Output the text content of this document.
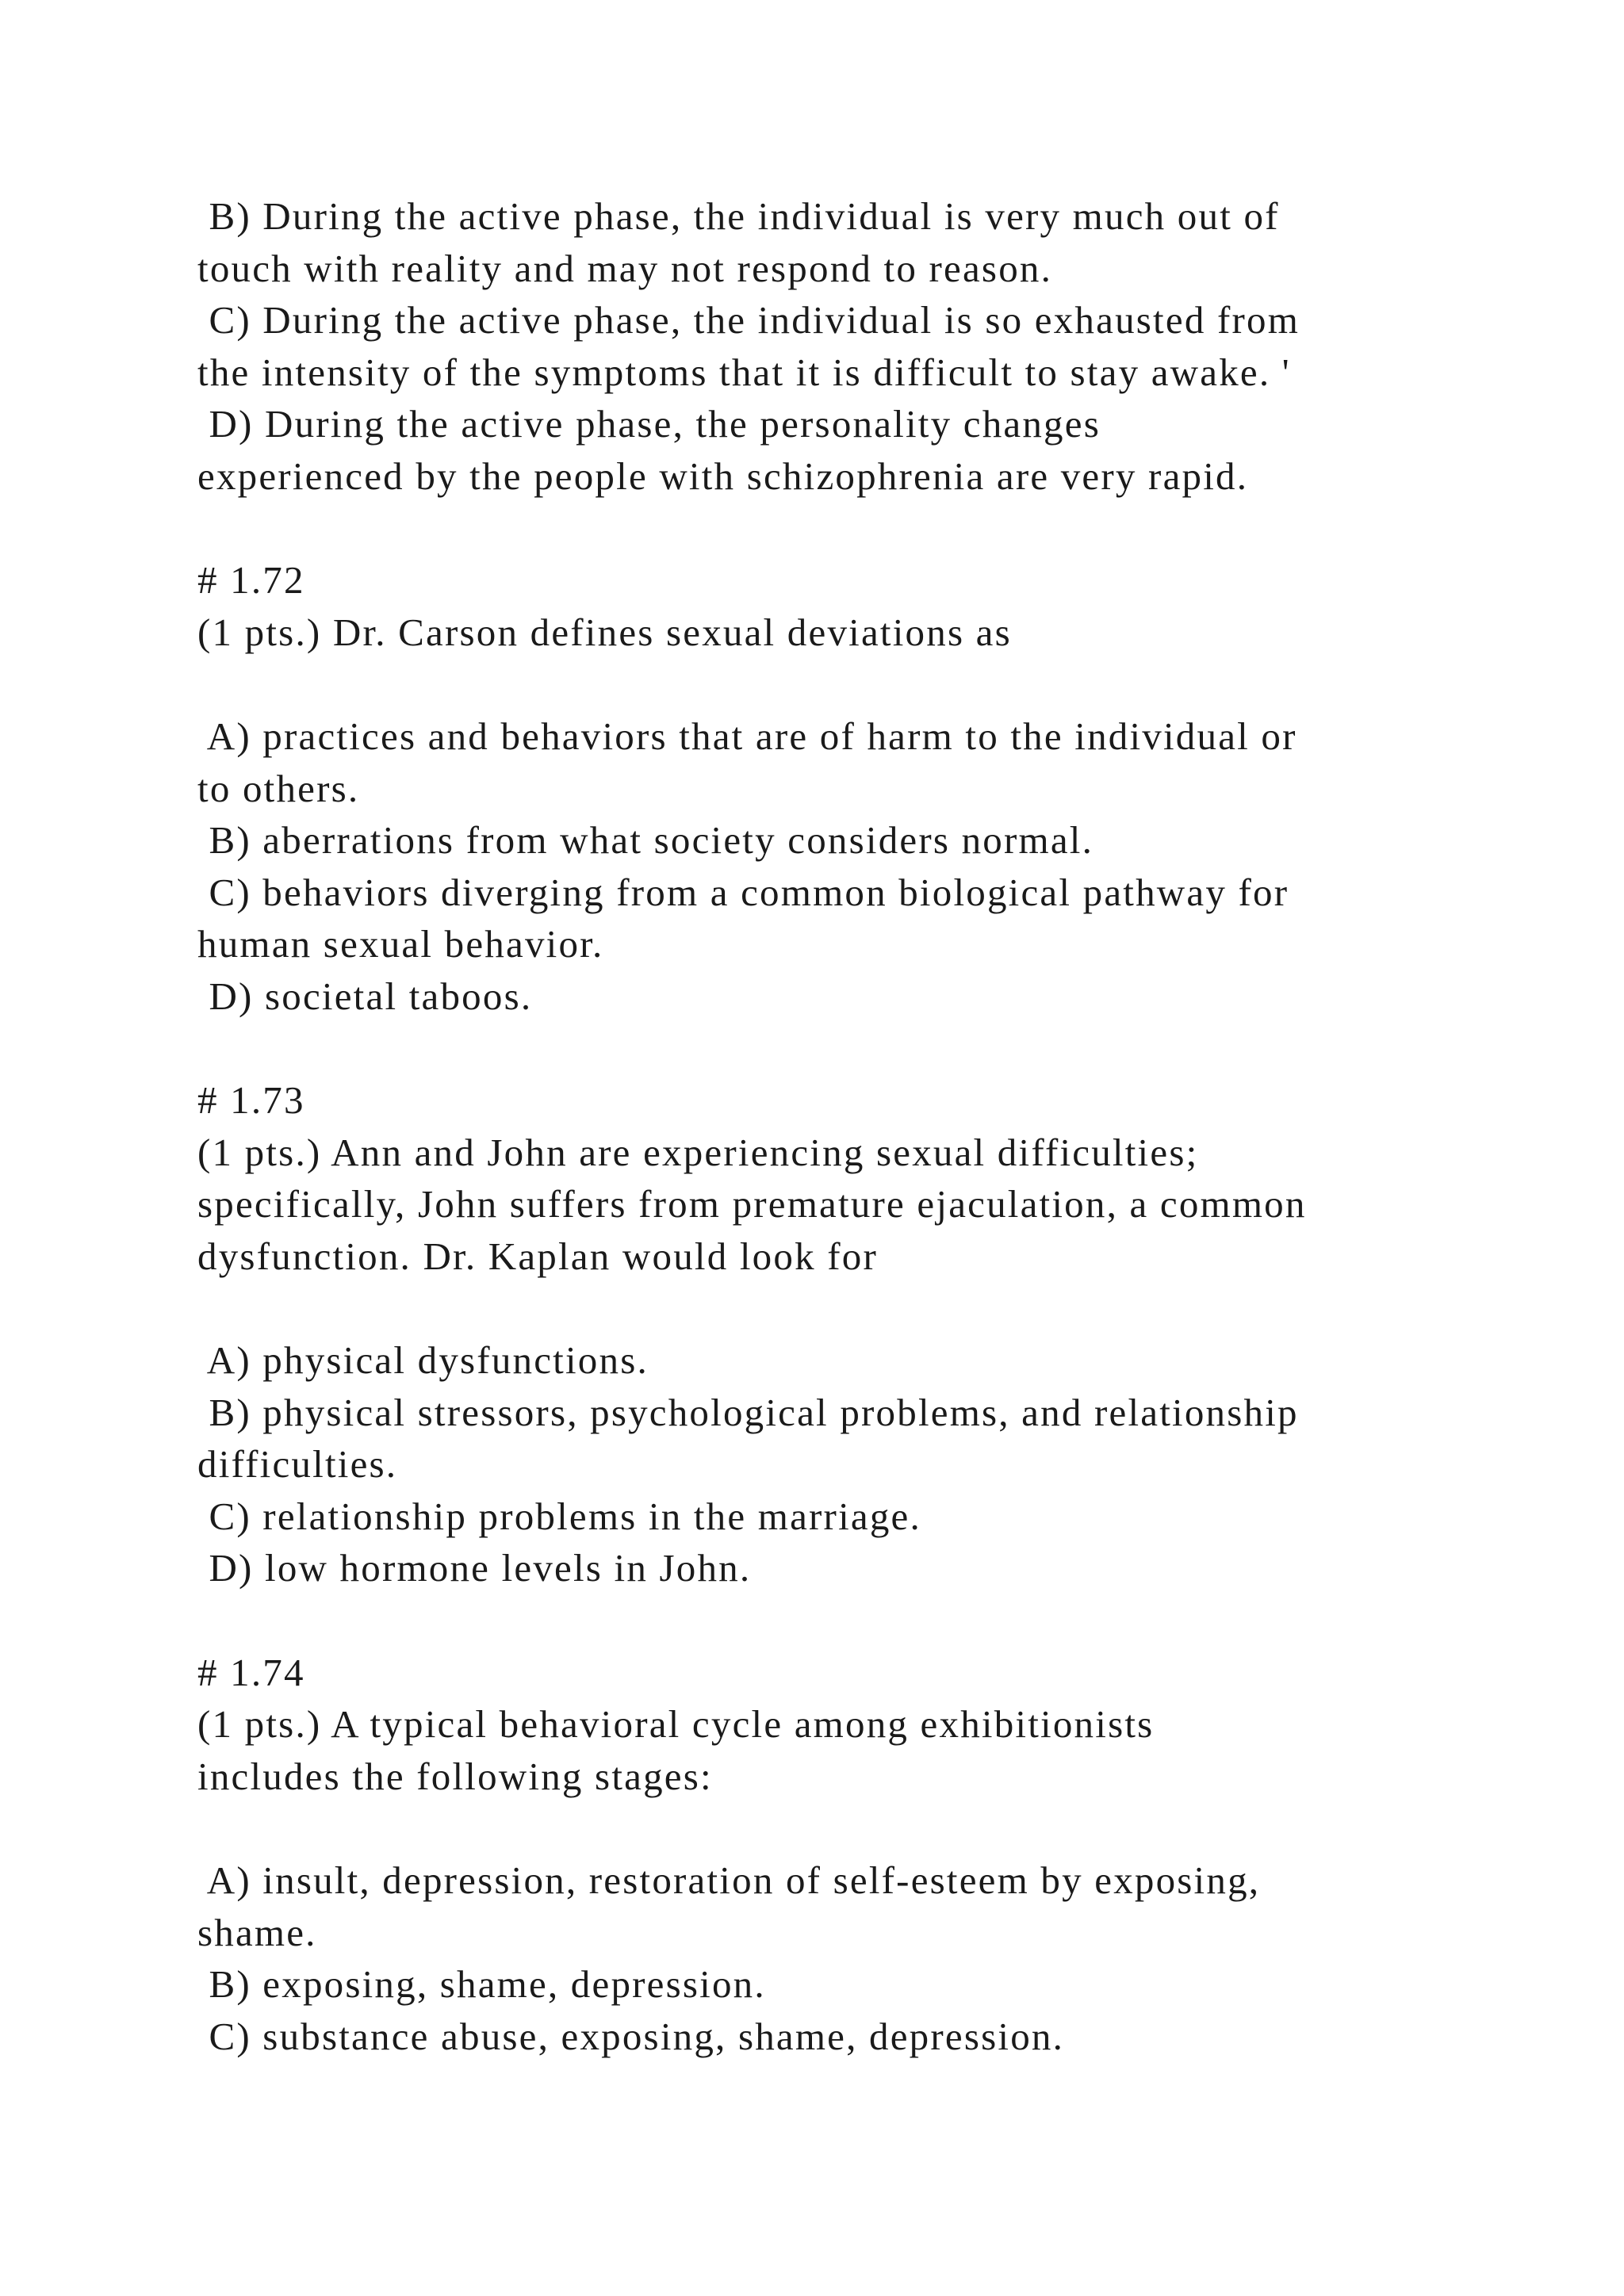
B) During the active phase, the individual is very much out of
touch with reality and may not respond to reason.
C) During the active phase, the individual is so exhausted from
the intensity of the symptoms that it is difficult to stay awake. '
D) During the active phase, the personality changes
experienced by the people with schizophrenia are very rapid.
# 1.72
(1 pts.) Dr. Carson defines sexual deviations as
A) practices and behaviors that are of harm to the individual or
to others.
B) aberrations from what society considers normal.
C) behaviors diverging from a common biological pathway for
human sexual behavior.
D) societal taboos.
# 1.73
(1 pts.) Ann and John are experiencing sexual difficulties;
specifically, John suffers from premature ejaculation, a common
dysfunction. Dr. Kaplan would look for
A) physical dysfunctions.
B) physical stressors, psychological problems, and relationship
difficulties.
C) relationship problems in the marriage.
D) low hormone levels in John.
# 1.74
(1 pts.) A typical behavioral cycle among exhibitionists
includes the following stages:
A) insult, depression, restoration of self-esteem by exposing,
shame.
B) exposing, shame, depression.
C) substance abuse, exposing, shame, depression.
